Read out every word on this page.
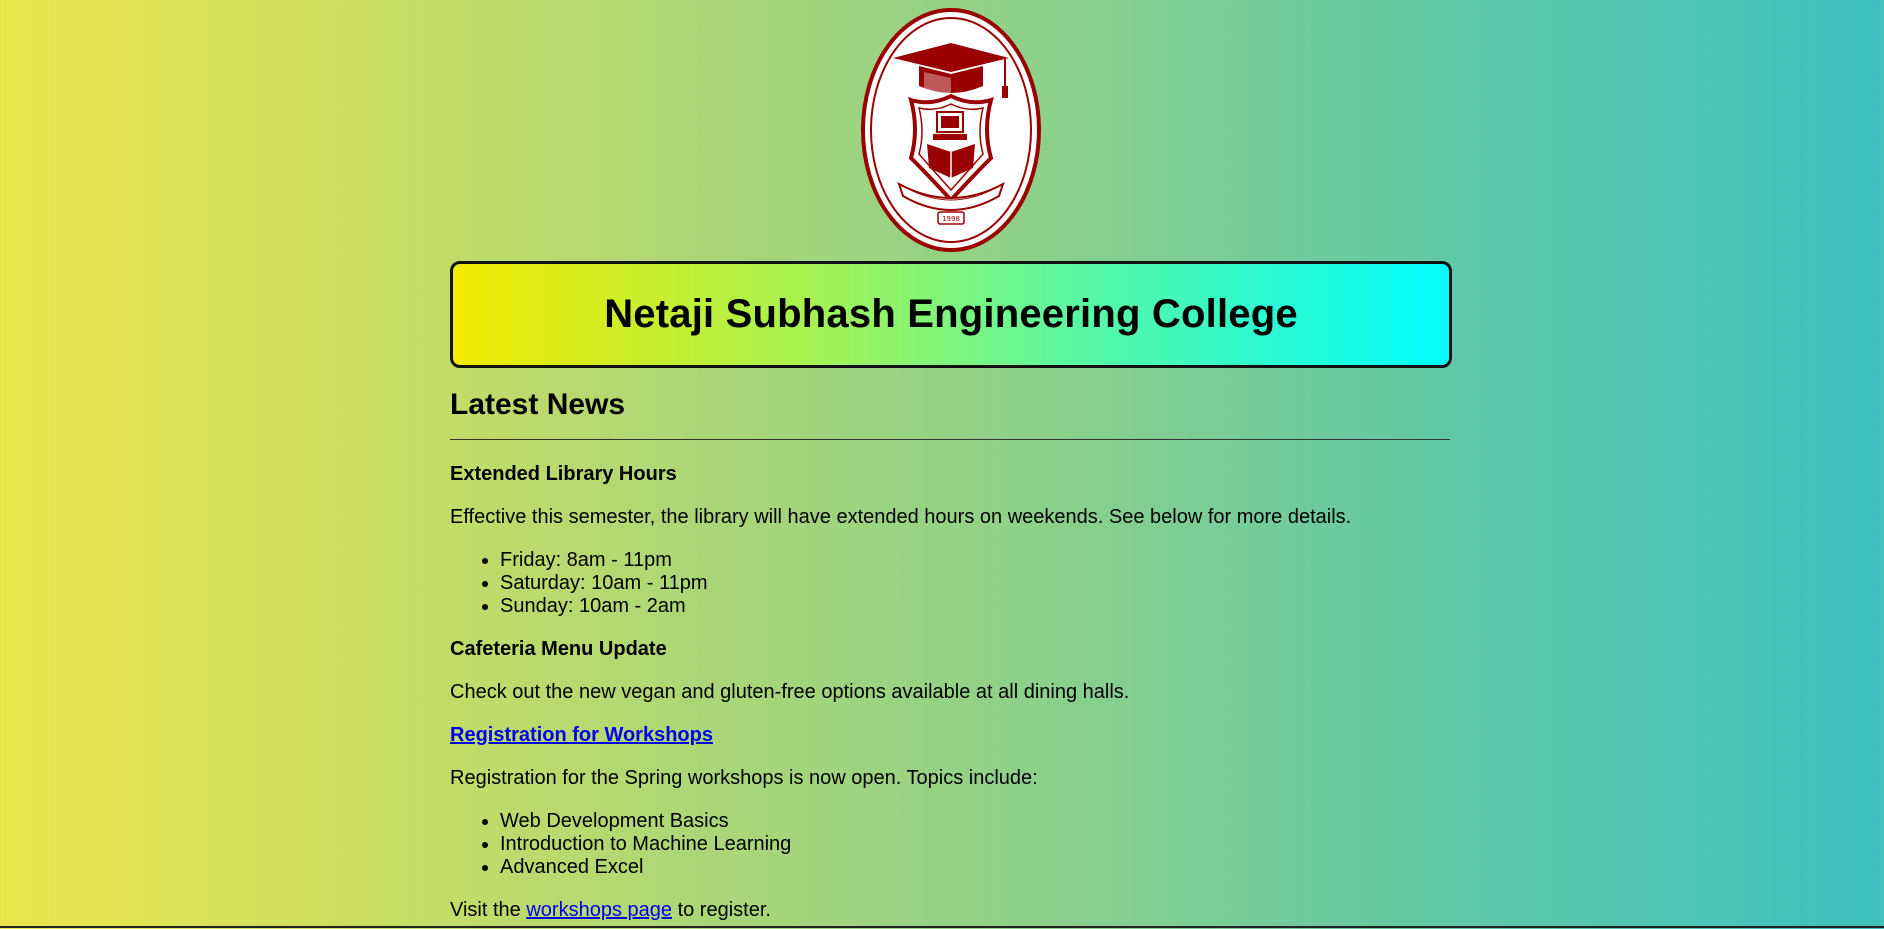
1998
Netaji Subhash Engineering College
Latest News
Extended Library Hours

Effective this semester, the library will have extended hours on weekends. See below for more details.

• Friday: 8am - 11pm
• Saturday: 10am - 11pm
• Sunday: 10am - 2am
Cafeteria Menu Update

Check out the new vegan and gluten-free options available at all dining halls.

Registration for Workshops

Registration for the Spring workshops is now open. Topics include:

• Web Development Basics
• Introduction to Machine Learning
• Advanced Excel

Visit the workshops page to register.
